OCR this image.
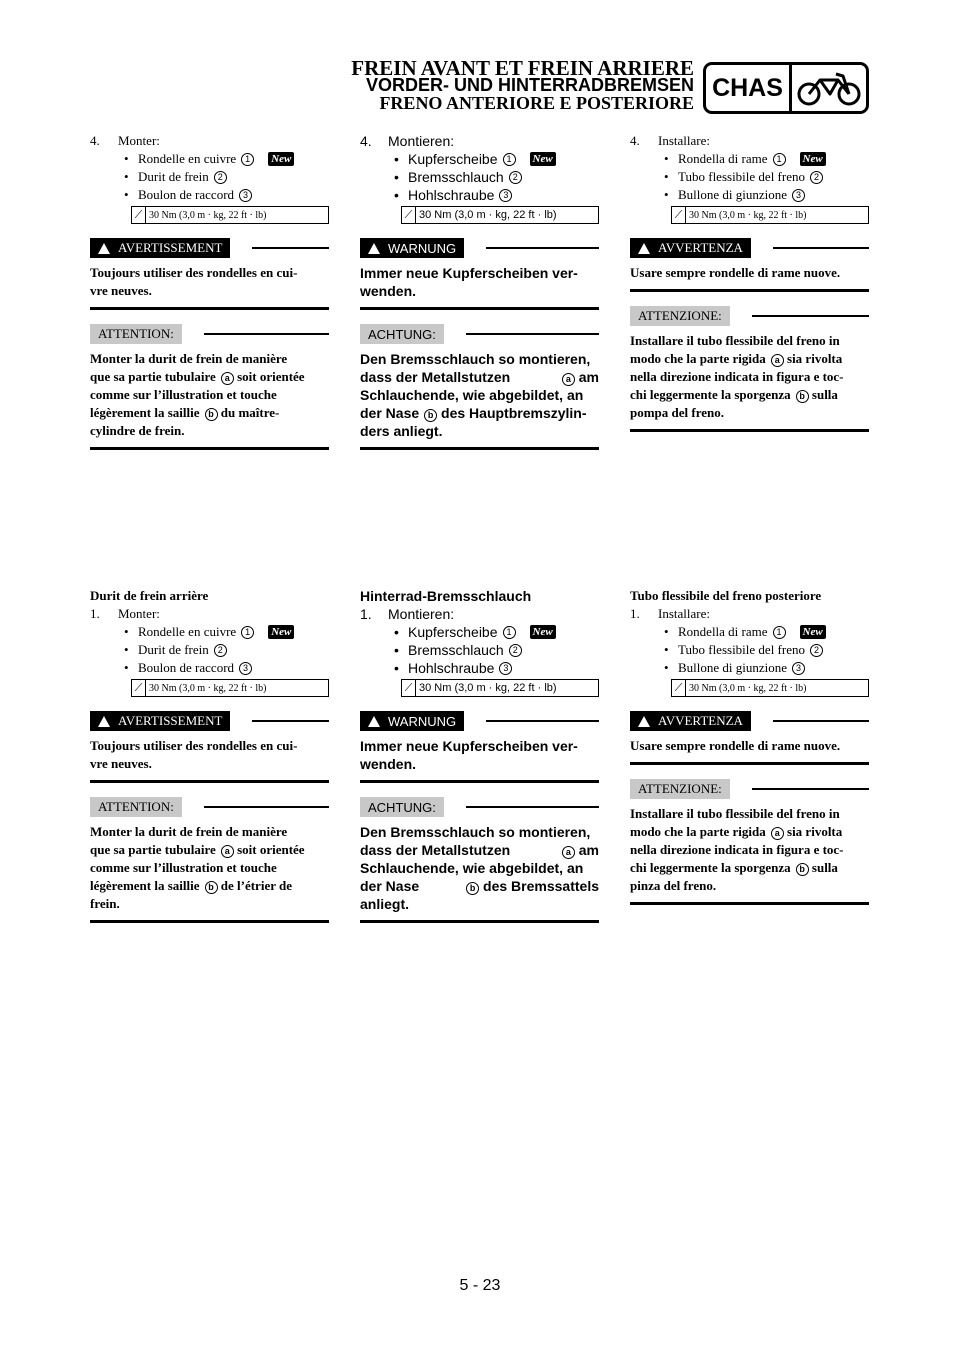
FREIN AVANT ET FREIN ARRIERE
VORDER- UND HINTERRADBREMSEN
FRENO ANTERIORE E POSTERIORE
CHAS
4.	Monter:
• Rondelle en cuivre 1	New
• Durit de frein 2
• Boulon de raccord 3
⟋ 30 Nm (3,0 m · kg, 22 ft · lb)
AVERTISSEMENT
Toujours utiliser des rondelles en cui-
vre neuves.
ATTENTION:
Monter la durit de frein de manière
que sa partie tubulaire a soit orientée
comme sur l’illustration et touche
légèrement la saillie b du maître-
cylindre de frein.
4.	Montieren:
• Kupferscheibe 1	New
• Bremsschlauch 2
• Hohlschraube 3
⟋ 30 Nm (3,0 m · kg, 22 ft · lb)
WARNUNG
Immer neue Kupferscheiben ver-
wenden.
ACHTUNG:
Den Bremsschlauch so montieren,
dass der Metallstutzen	a am
Schlauchende, wie abgebildet, an
der Nase b des Hauptbremszylin-
ders anliegt.
4.	Installare:
• Rondella di rame 1	New
• Tubo flessibile del freno 2
• Bullone di giunzione 3
⟋ 30 Nm (3,0 m · kg, 22 ft · lb)
AVVERTENZA
Usare sempre rondelle di rame nuove.
ATTENZIONE:
Installare il tubo flessibile del freno in
modo che la parte rigida a sia rivolta
nella direzione indicata in figura e toc-
chi leggermente la sporgenza b sulla
pompa del freno.
Durit de frein arrière
1.	Monter:
• Rondelle en cuivre 1	New
• Durit de frein 2
• Boulon de raccord 3
⟋ 30 Nm (3,0 m · kg, 22 ft · lb)
AVERTISSEMENT
Toujours utiliser des rondelles en cui-
vre neuves.
ATTENTION:
Monter la durit de frein de manière
que sa partie tubulaire a soit orientée
comme sur l’illustration et touche
légèrement la saillie b de l’étrier de
frein.
Hinterrad-Bremsschlauch
1.	Montieren:
• Kupferscheibe 1	New
• Bremsschlauch 2
• Hohlschraube 3
⟋ 30 Nm (3,0 m · kg, 22 ft · lb)
WARNUNG
Immer neue Kupferscheiben ver-
wenden.
ACHTUNG:
Den Bremsschlauch so montieren,
dass der Metallstutzen	a am
Schlauchende, wie abgebildet, an
der Nase	b des Bremssattels
anliegt.
Tubo flessibile del freno posteriore
1.	Installare:
• Rondella di rame 1	New
• Tubo flessibile del freno 2
• Bullone di giunzione 3
⟋ 30 Nm (3,0 m · kg, 22 ft · lb)
AVVERTENZA
Usare sempre rondelle di rame nuove.
ATTENZIONE:
Installare il tubo flessibile del freno in
modo che la parte rigida a sia rivolta
nella direzione indicata in figura e toc-
chi leggermente la sporgenza b sulla
pinza del freno.
5 - 23
